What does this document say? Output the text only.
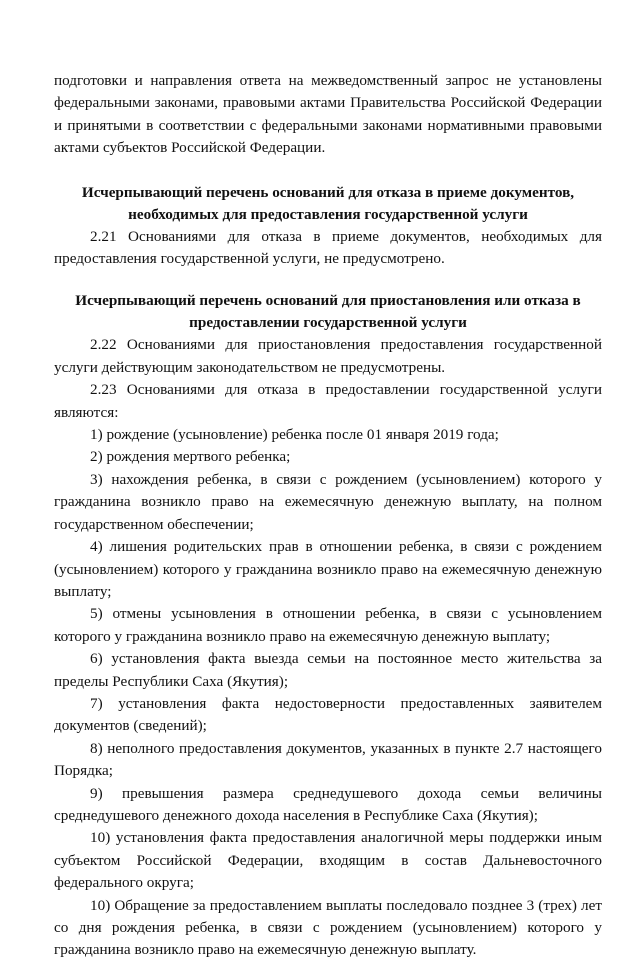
подготовки и направления ответа на межведомственный запрос не установлены федеральными законами, правовыми актами Правительства Российской Федерации и принятыми в соответствии с федеральными законами нормативными правовыми актами субъектов Российской Федерации.

Исчерпывающий перечень оснований для отказа в приеме документов, необходимых для предоставления государственной услуги

2.21 Основаниями для отказа в приеме документов, необходимых для предоставления государственной услуги, не предусмотрено.

Исчерпывающий перечень оснований для приостановления или отказа в предоставлении государственной услуги

2.22 Основаниями для приостановления предоставления государственной услуги действующим законодательством не предусмотрены.

2.23 Основаниями для отказа в предоставлении государственной услуги являются:

1) рождение (усыновление) ребенка после 01 января 2019 года;

2) рождения мертвого ребенка;

3) нахождения ребенка, в связи с рождением (усыновлением) которого у гражданина возникло право на ежемесячную денежную выплату, на полном государственном обеспечении;

4) лишения родительских прав в отношении ребенка, в связи с рождением (усыновлением) которого у гражданина возникло право на ежемесячную денежную выплату;

5) отмены усыновления в отношении ребенка, в связи с усыновлением которого у гражданина возникло право на ежемесячную денежную выплату;

6) установления факта выезда семьи на постоянное место жительства за пределы Республики Саха (Якутия);

7) установления факта недостоверности предоставленных заявителем документов (сведений);

8) неполного предоставления документов, указанных в пункте 2.7 настоящего Порядка;

9) превышения размера среднедушевого дохода семьи величины среднедушевого денежного дохода населения в Республике Саха (Якутия);

10) установления факта предоставления аналогичной меры поддержки иным субъектом Российской Федерации, входящим в состав Дальневосточного федерального округа;

10) Обращение за предоставлением выплаты последовало позднее 3 (трех) лет со дня рождения ребенка, в связи с рождением (усыновлением) которого у гражданина возникло право на ежемесячную денежную выплату.
